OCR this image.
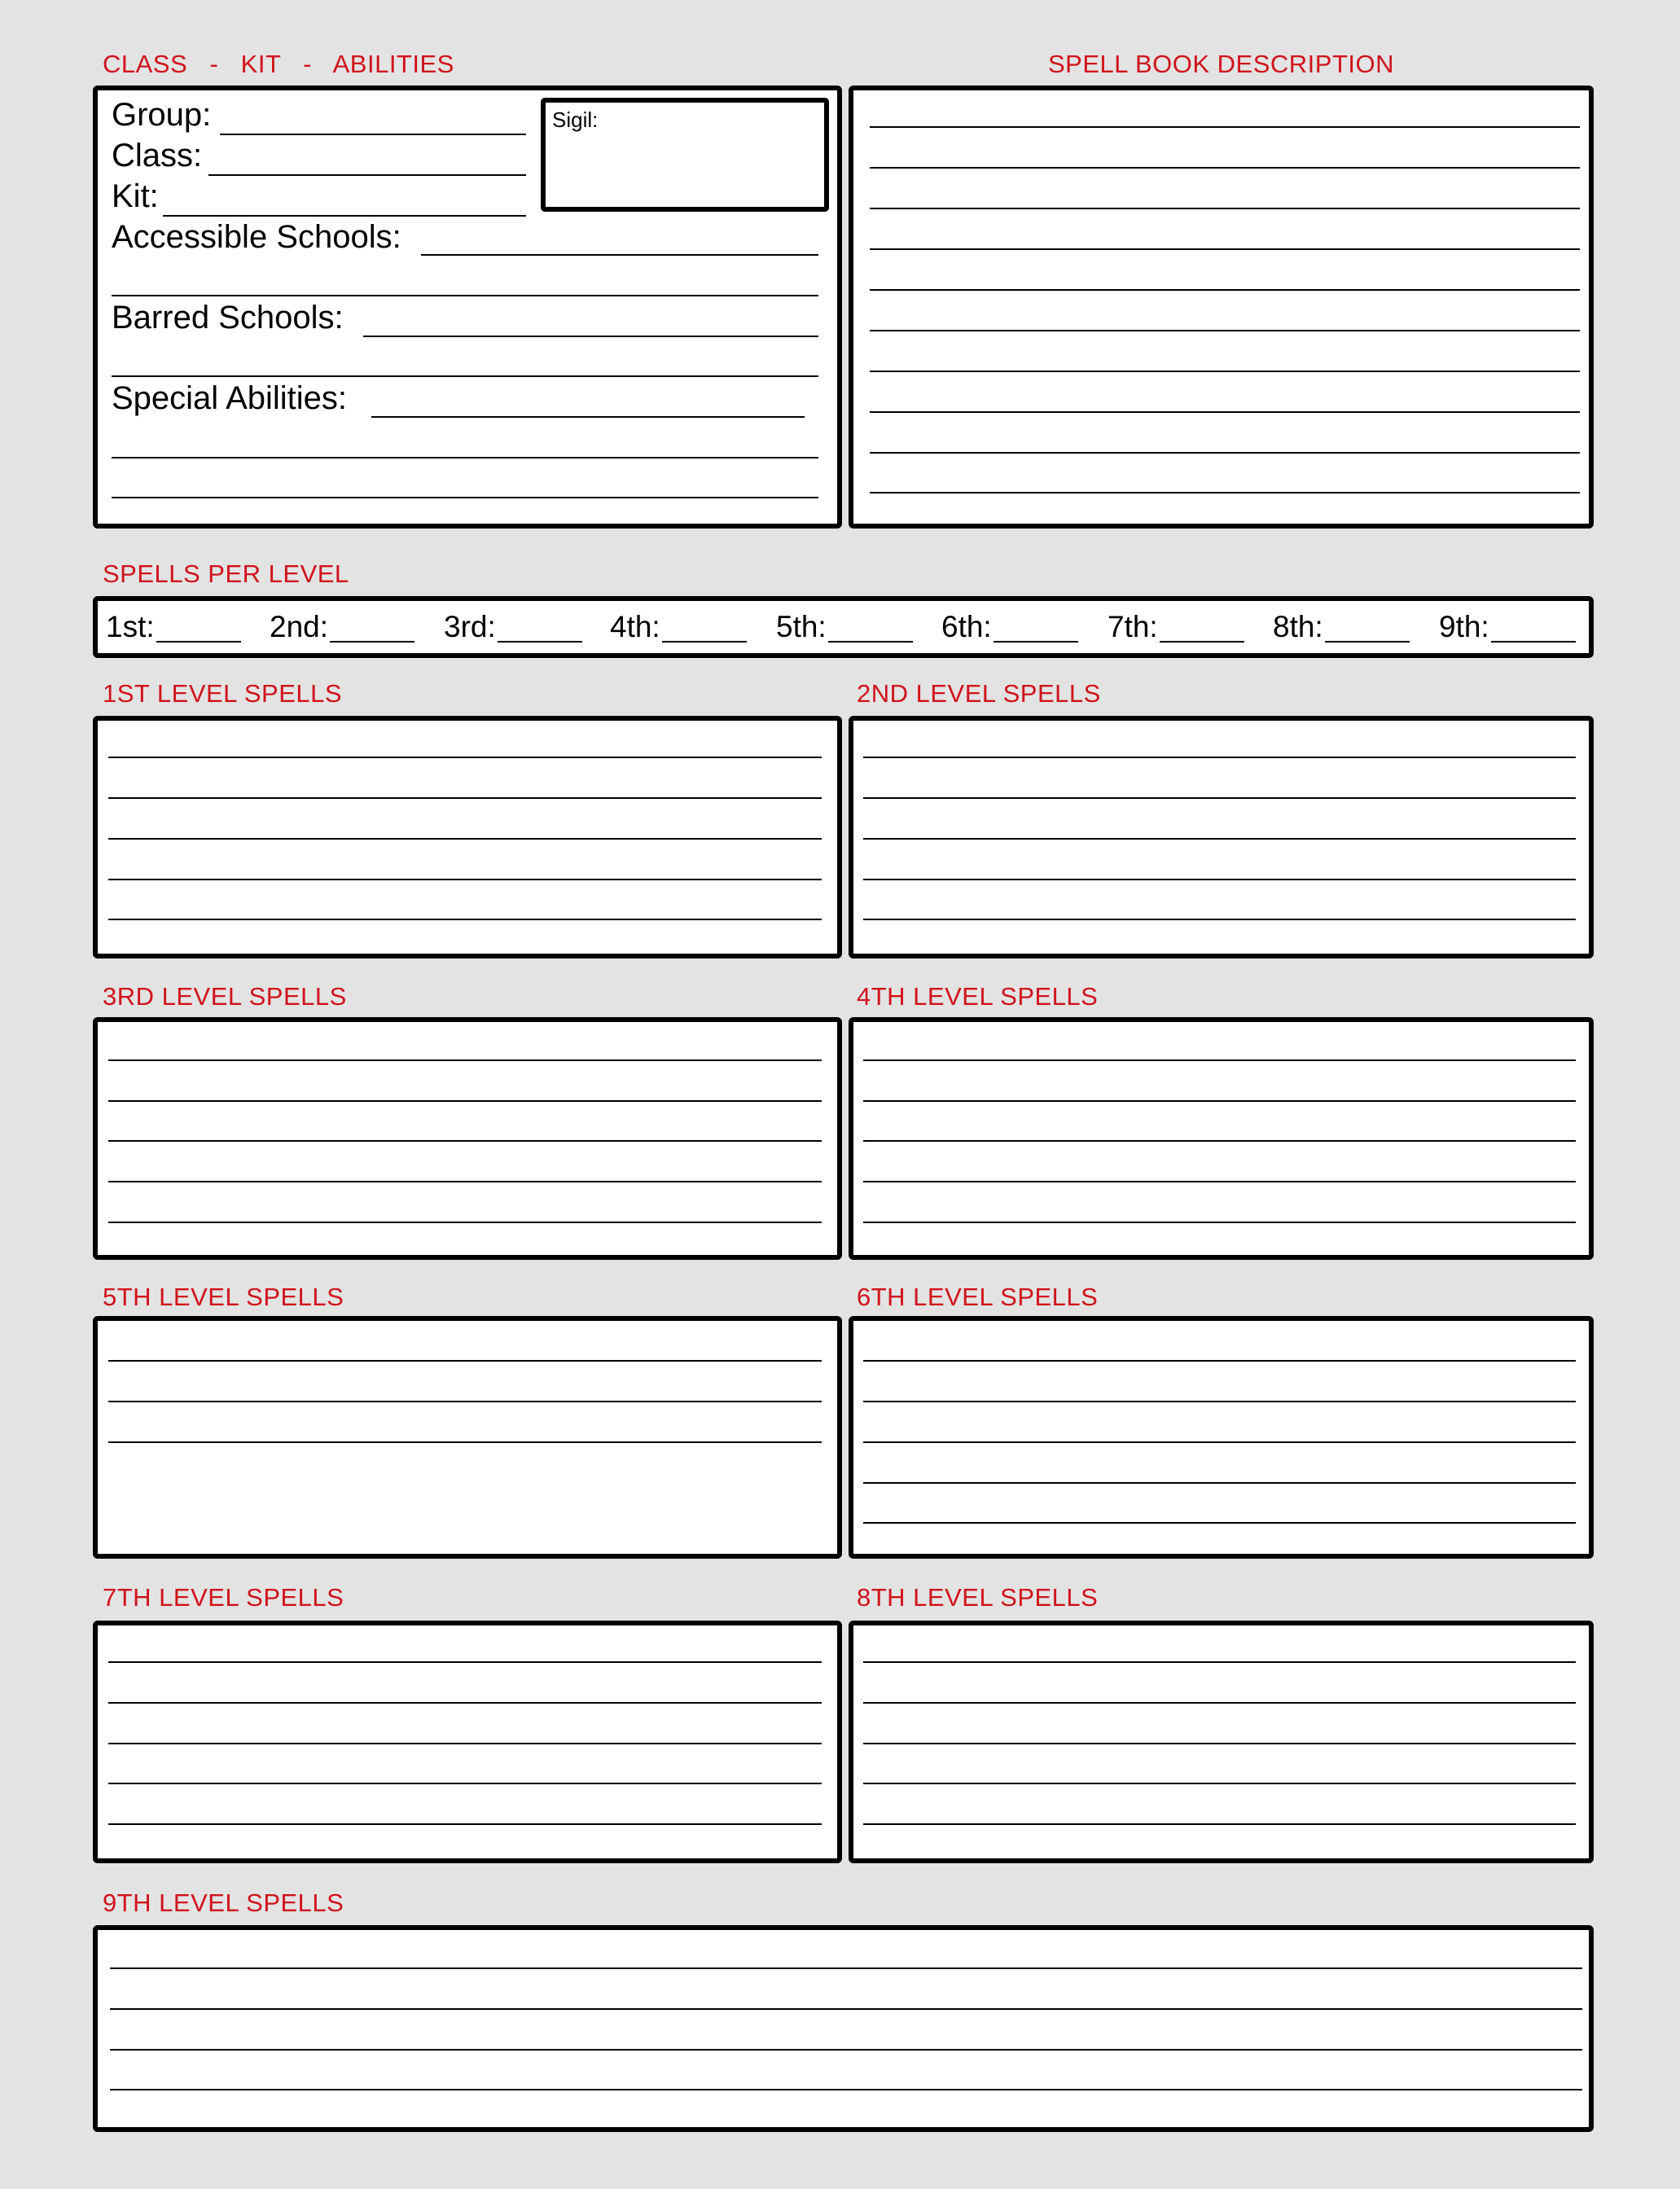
CLASS   -   KIT   -   ABILITIES	SPELL BOOK DESCRIPTION
SPELLS PER LEVEL
1ST LEVEL SPELLS	2ND LEVEL SPELLS
3RD LEVEL SPELLS	4TH LEVEL SPELLS
5TH LEVEL SPELLS	6TH LEVEL SPELLS
7TH LEVEL SPELLS	8TH LEVEL SPELLS
9TH LEVEL SPELLS
Group:
Class:
Kit:
Sigil:
Accessible Schools:
Barred Schools:
Special Abilities:
1st:	2nd:	3rd:	4th:	5th:	6th:	7th:	8th:	9th:
